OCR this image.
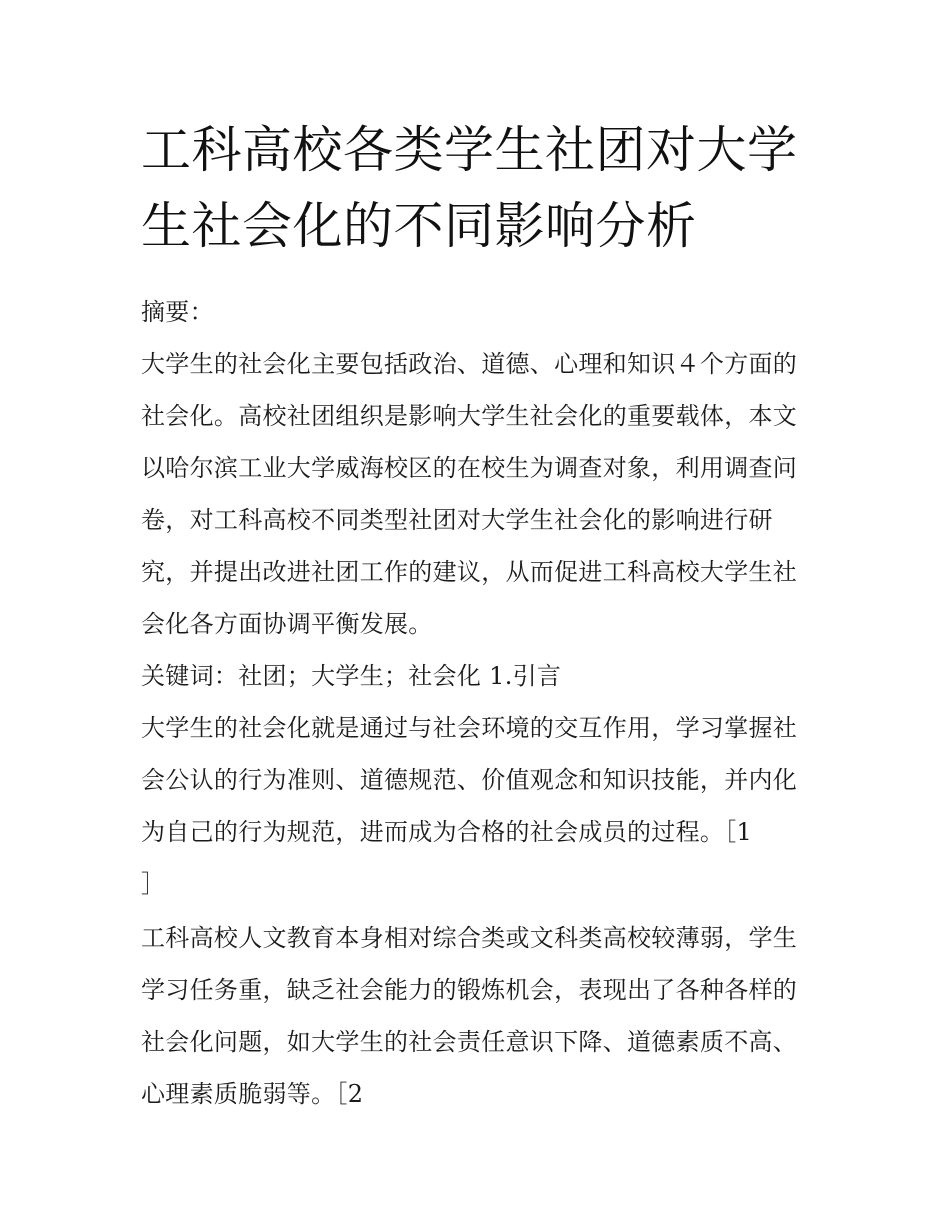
工科高校各类学生社团对大学
生社会化的不同影响分析
摘要：
大学生的社会化主要包括政治、道德、心理和知识４个方面的
社会化。高校社团组织是影响大学生社会化的重要载体，本文
以哈尔滨工业大学威海校区的在校生为调查对象，利用调查问
卷，对工科高校不同类型社团对大学生社会化的影响进行研
究，并提出改进社团工作的建议，从而促进工科高校大学生社
会化各方面协调平衡发展。
关键词：社团；大学生；社会化 1.引言
大学生的社会化就是通过与社会环境的交互作用，学习掌握社
会公认的行为准则、道德规范、价值观念和知识技能，并内化
为自己的行为规范，进而成为合格的社会成员的过程。［1
］
工科高校人文教育本身相对综合类或文科类高校较薄弱，学生
学习任务重，缺乏社会能力的锻炼机会，表现出了各种各样的
社会化问题，如大学生的社会责任意识下降、道德素质不高、
心理素质脆弱等。［2
